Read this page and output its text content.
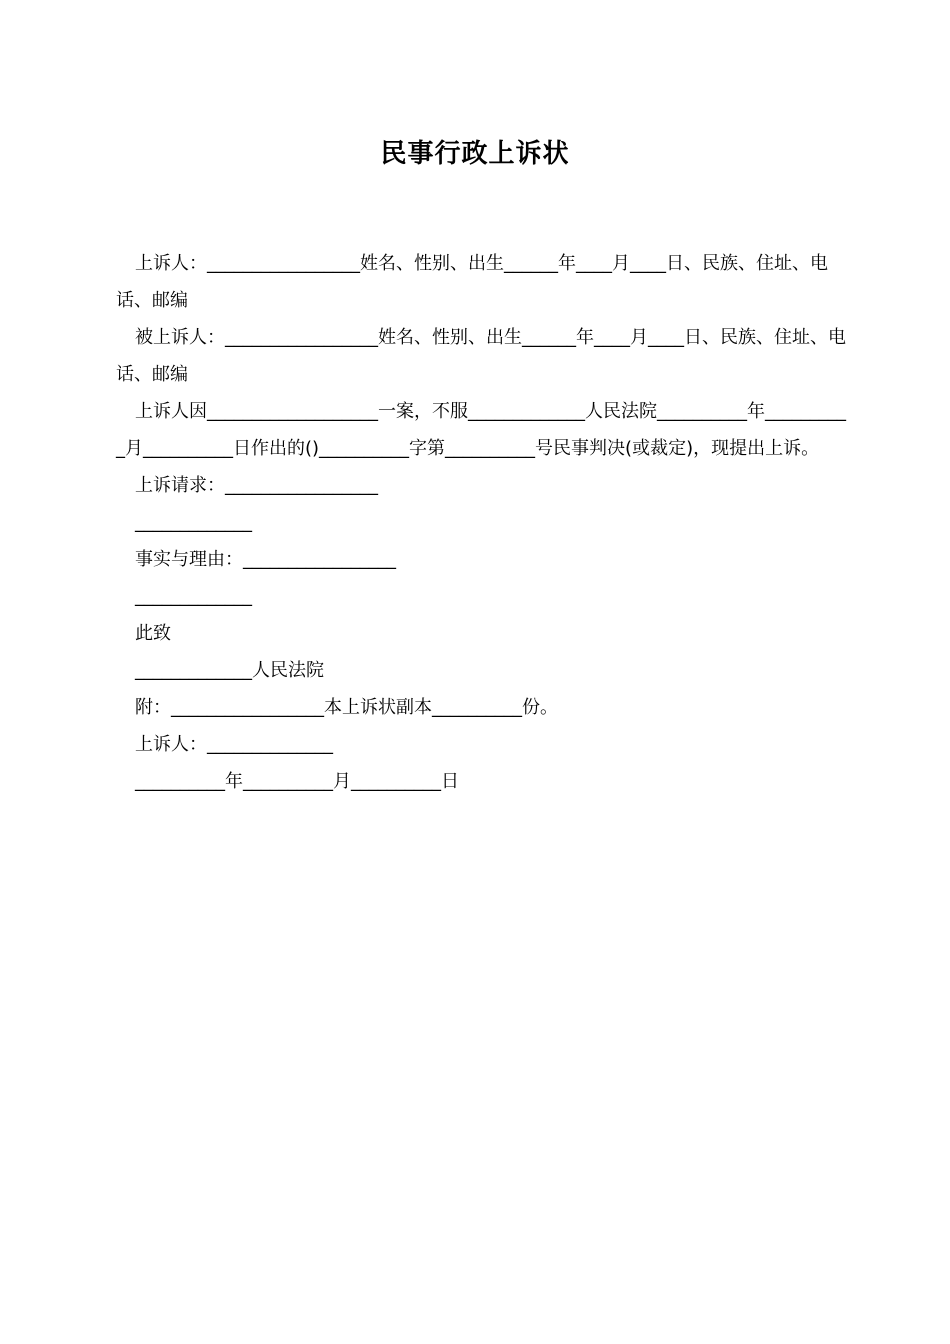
民事行政上诉状

上诉人：_________________姓名、性别、出生______年____月____日、民族、住址、电话、邮编

被上诉人：_________________姓名、性别、出生______年____月____日、民族、住址、电话、邮编

上诉人因___________________一案，不服_____________人民法院__________年__________月__________日作出的()__________字第__________号民事判决(或裁定)，现提出上诉。

上诉请求：_________________

_____________

事实与理由：_________________

_____________

此致

_____________人民法院

附：_________________本上诉状副本__________份。

上诉人：______________

__________年__________月__________日
